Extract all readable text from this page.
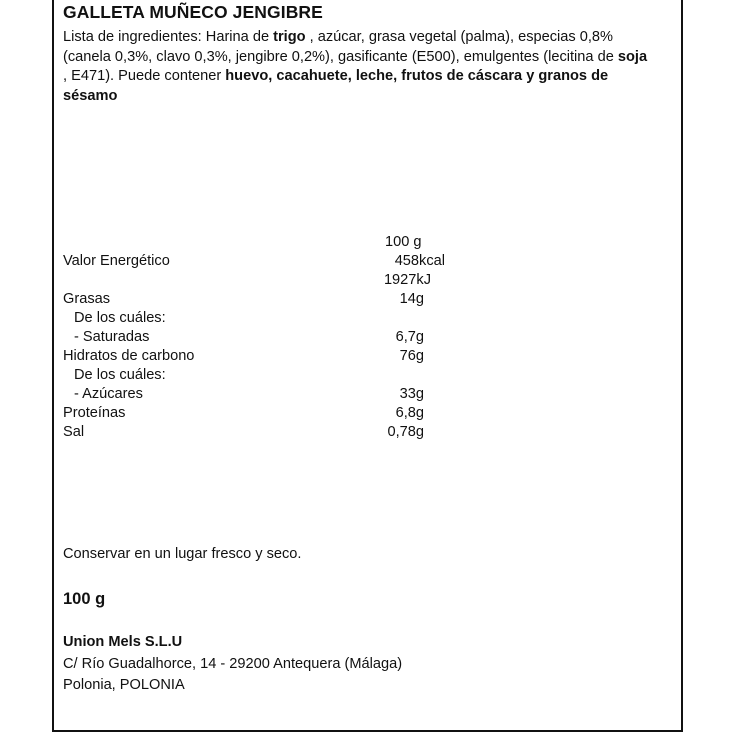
GALLETA MUÑECO JENGIBRE
Lista de ingredientes: Harina de trigo , azúcar, grasa vegetal (palma), especias 0,8% (canela 0,3%, clavo 0,3%, jengibre 0,2%), gasificante (E500), emulgentes (lecitina de soja , E471). Puede contener huevo, cacahuete, leche, frutos de cáscara y granos de sésamo
100 g
Valor Energético	458kcal
1927kJ
Grasas	14g
De los cuáles:
- Saturadas	6,7g
Hidratos de carbono	76g
De los cuáles:
- Azúcares	33g
Proteínas	6,8g
Sal	0,78g
Conservar en un lugar fresco y seco.
100 g
Union Mels S.L.U
C/ Río Guadalhorce, 14 - 29200 Antequera (Málaga)
Polonia, POLONIA
